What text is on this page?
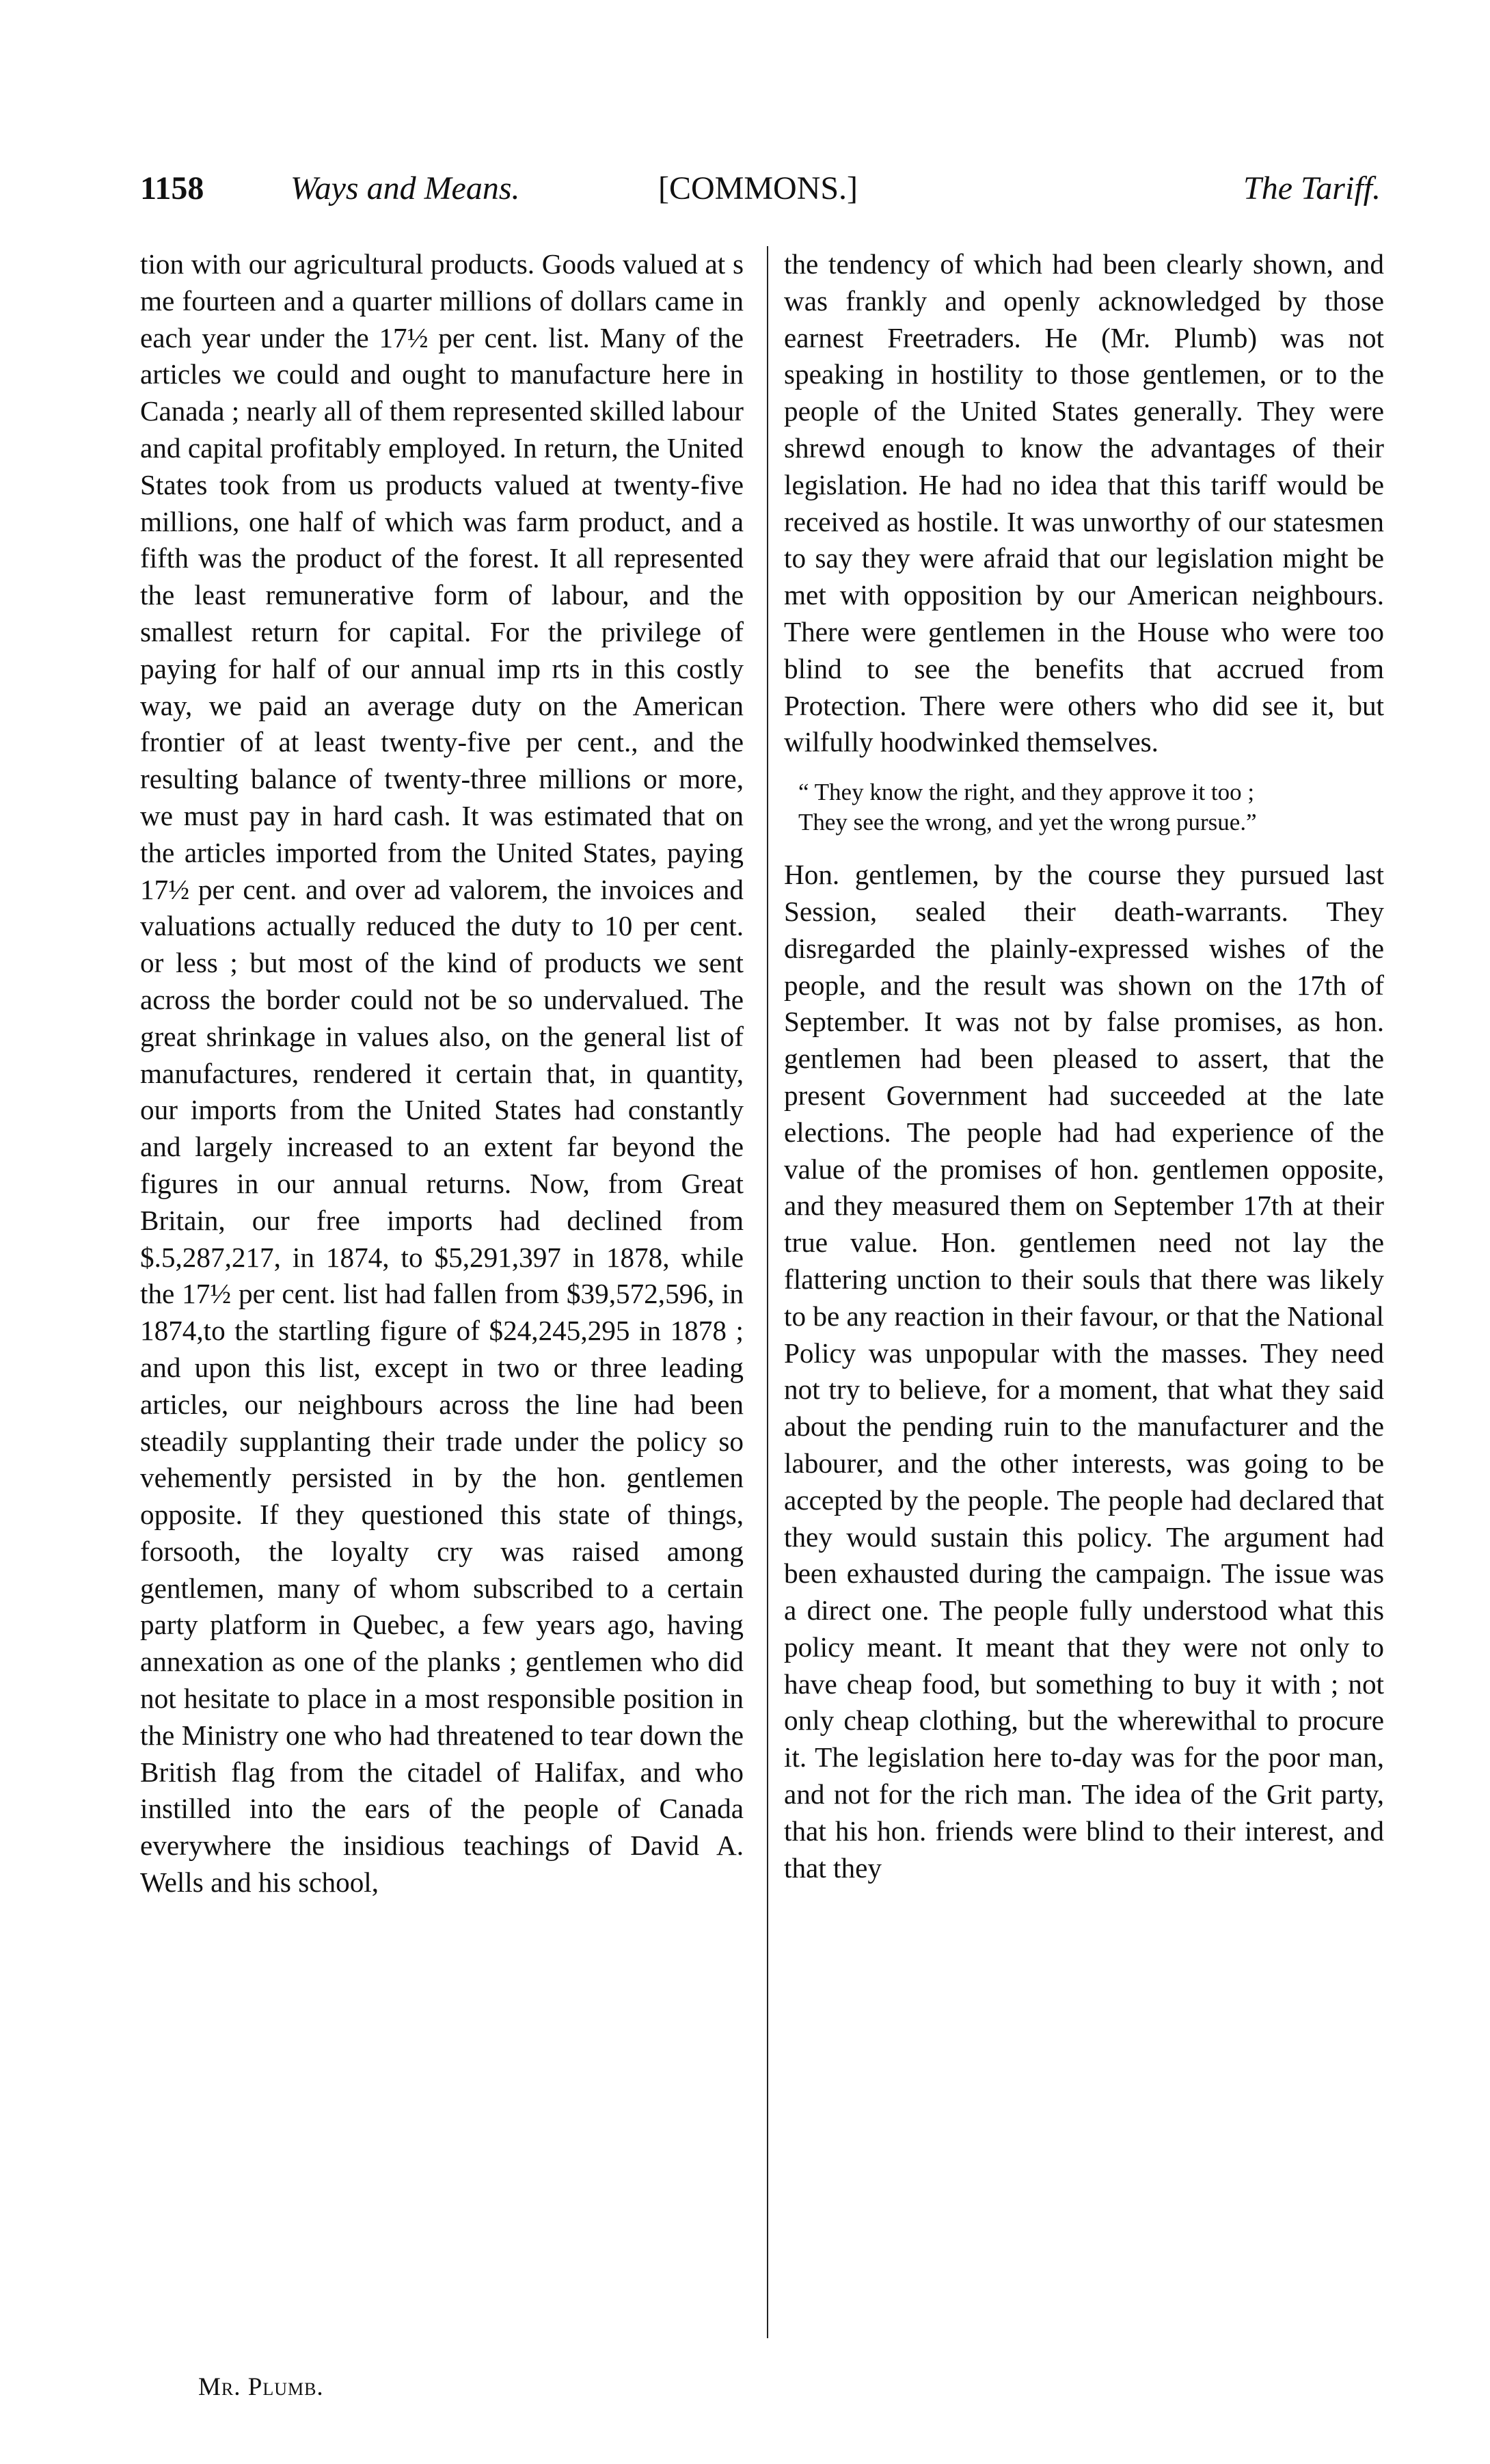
1158	Ways and Means.	[COMMONS.]	The Tariff.

tion with our agricultural products. Goods valued at s me fourteen and a quarter millions of dollars came in each year under the 17½ per cent. list. Many of the articles we could and ought to manufacture here in Canada ; nearly all of them represented skilled labour and capital profitably employed. In return, the United States took from us products valued at twenty-five millions, one half of which was farm product, and a fifth was the product of the forest. It all represented the least remunerative form of labour, and the smallest return for capital. For the privilege of paying for half of our annual imp rts in this costly way, we paid an average duty on the American frontier of at least twenty-five per cent., and the resulting balance of twenty-three millions or more, we must pay in hard cash. It was estimated that on the articles imported from the United States, paying 17½ per cent. and over ad valorem, the invoices and valuations actually reduced the duty to 10 per cent. or less ; but most of the kind of products we sent across the border could not be so undervalued. The great shrinkage in values also, on the general list of manufactures, rendered it certain that, in quantity, our imports from the United States had constantly and largely increased to an extent far beyond the figures in our annual returns. Now, from Great Britain, our free imports had declined from $.5,287,217, in 1874, to $5,291,397 in 1878, while the 17½ per cent. list had fallen from $39,572,596, in 1874,to the startling figure of $24,245,295 in 1878 ; and upon this list, except in two or three leading articles, our neighbours across the line had been steadily supplanting their trade under the policy so vehemently persisted in by the hon. gentlemen opposite. If they questioned this state of things, forsooth, the loyalty cry was raised among gentlemen, many of whom subscribed to a certain party platform in Quebec, a few years ago, having annexation as one of the planks ; gentlemen who did not hesitate to place in a most responsible position in the Ministry one who had threatened to tear down the British flag from the citadel of Halifax, and who instilled into the ears of the people of Canada everywhere the insidious teachings of David A. Wells and his school,

the tendency of which had been clearly shown, and was frankly and openly acknowledged by those earnest Freetraders. He (Mr. Plumb) was not speaking in hostility to those gentlemen, or to the people of the United States generally. They were shrewd enough to know the advantages of their legislation. He had no idea that this tariff would be received as hostile. It was unworthy of our statesmen to say they were afraid that our legislation might be met with opposition by our American neighbours. There were gentlemen in the House who were too blind to see the benefits that accrued from Protection. There were others who did see it, but wilfully hoodwinked themselves.

“ They know the right, and they approve it too ;
They see the wrong, and yet the wrong pursue.”

Hon. gentlemen, by the course they pursued last Session, sealed their death-warrants. They disregarded the plainly-expressed wishes of the people, and the result was shown on the 17th of September. It was not by false promises, as hon. gentlemen had been pleased to assert, that the present Government had succeeded at the late elections. The people had had experience of the value of the promises of hon. gentlemen opposite, and they measured them on September 17th at their true value. Hon. gentlemen need not lay the flattering unction to their souls that there was likely to be any reaction in their favour, or that the National Policy was unpopular with the masses. They need not try to believe, for a moment, that what they said about the pending ruin to the manufacturer and the labourer, and the other interests, was going to be accepted by the people. The people had declared that they would sustain this policy. The argument had been exhausted during the campaign. The issue was a direct one. The people fully understood what this policy meant. It meant that they were not only to have cheap food, but something to buy it with ; not only cheap clothing, but the wherewithal to procure it. The legislation here to-day was for the poor man, and not for the rich man. The idea of the Grit party, that his hon. friends were blind to their interest, and that they

Mr. Plumb.
